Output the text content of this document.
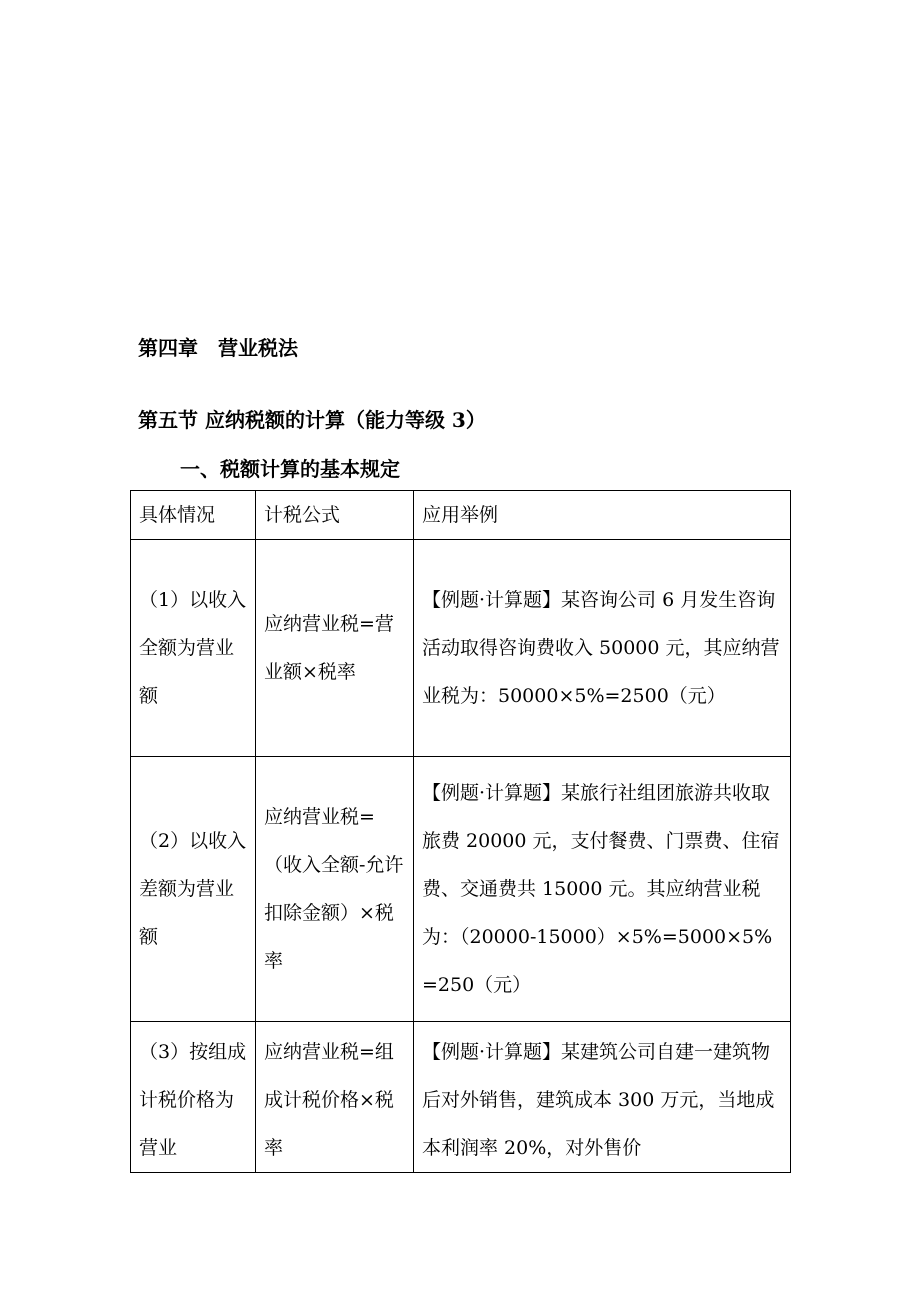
第四章　营业税法
第五节 应纳税额的计算（能力等级 3）
一、税额计算的基本规定
具体情况	计税公式	应用举例

（1）以收入全额为营业额	应纳营业税=营业额×税率	【例题·计算题】某咨询公司 6 月发生咨询活动取得咨询费收入 50000 元，其应纳营业税为：50000×5%=2500（元）

（2）以收入差额为营业额	应纳营业税=（收入全额-允许扣除金额）×税率	【例题·计算题】某旅行社组团旅游共收取旅费 20000 元，支付餐费、门票费、住宿费、交通费共 15000 元。其应纳营业税为：（20000-15000）×5%=5000×5%=250（元）

（3）按组成计税价格为营业	应纳营业税=组成计税价格×税率	【例题·计算题】某建筑公司自建一建筑物后对外销售，建筑成本 300 万元，当地成本利润率 20%，对外售价
